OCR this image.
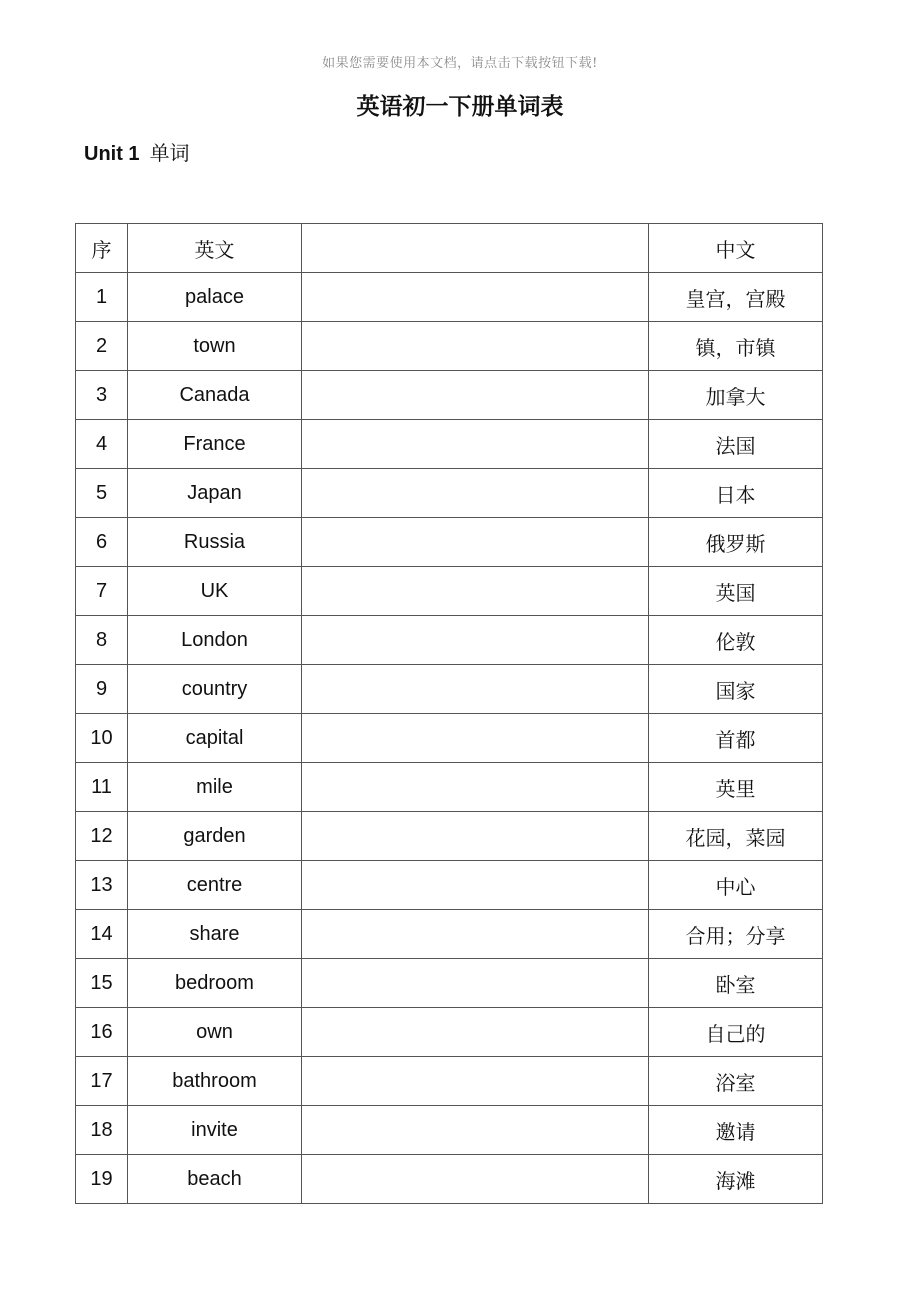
如果您需要使用本文档，请点击下载按钮下载!
英语初一下册单词表
Unit 1 单词
序	英文		中文
1	palace		皇宫，宫殿
2	town		镇，市镇
3	Canada		加拿大
4	France		法国
5	Japan		日本
6	Russia		俄罗斯
7	UK		英国
8	London		伦敦
9	country		国家
10	capital		首都
11	mile		英里
12	garden		花园，菜园
13	centre		中心
14	share		合用；分享
15	bedroom		卧室
16	own		自己的
17	bathroom		浴室
18	invite		邀请
19	beach		海滩
